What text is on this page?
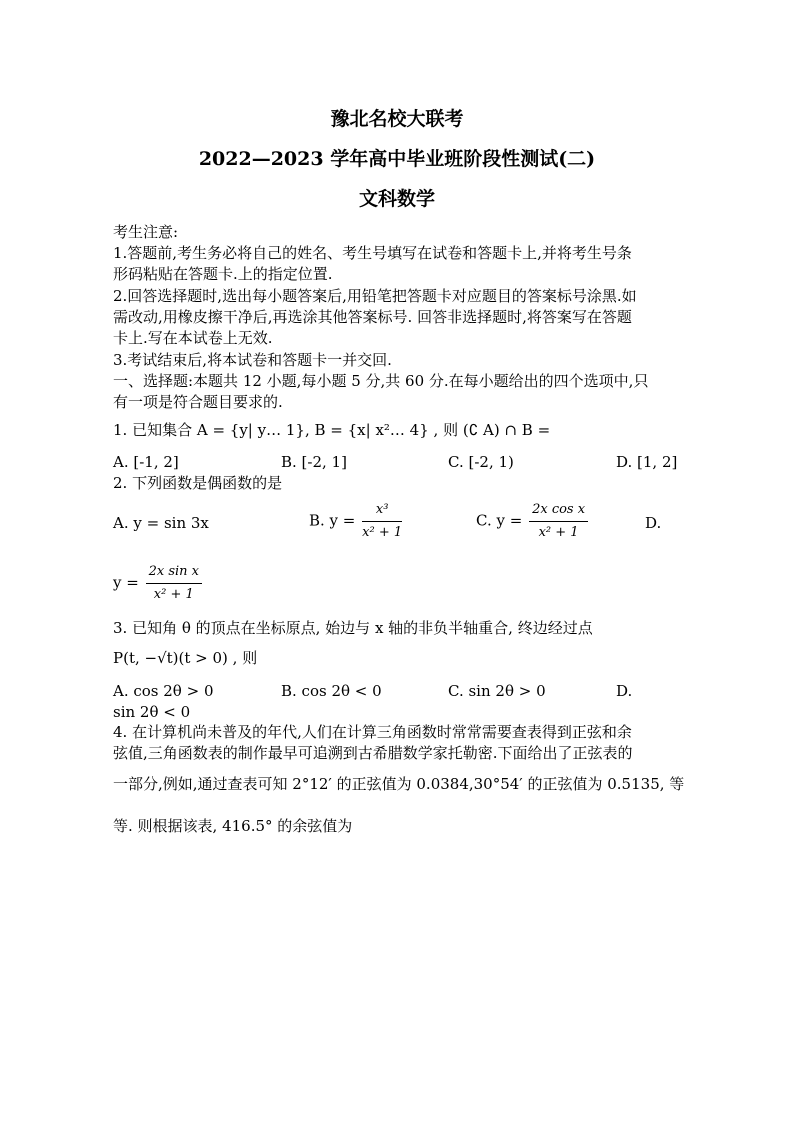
豫北名校大联考
2022—2023 学年高中毕业班阶段性测试(二)
文科数学
考生注意:
1.答题前,考生务必将自己的姓名、考生号填写在试卷和答题卡上,并将考生号条
形码粘贴在答题卡.上的指定位置.
2.回答选择题时,选出每小题答案后,用铅笔把答题卡对应题目的答案标号涂黑.如
需改动,用橡皮擦干净后,再选涂其他答案标号. 回答非选择题时,将答案写在答题
卡上.写在本试卷上无效.
3.考试结束后,将本试卷和答题卡一并交回.
一、选择题:本题共 12 小题,每小题 5 分,共 60 分.在每小题给出的四个选项中,只
有一项是符合题目要求的.
1. 已知集合 A = {y| y… 1}, B = {x| x²… 4} , 则 (∁ A) ∩ B =
A. [-1, 2]	B. [-2, 1]	C. [-2, 1)	D. [1, 2]
2. 下列函数是偶函数的是
A. y = sin 3x	B. $y = \frac{\text{x³}}{\text{x² + 1}}$	C. $y = \frac{\text{2x cos x}}{\text{x² + 1}}$	D.
$y = \frac{\text{2x sin x}}{\text{x² + 1}}$
3. 已知角 θ 的顶点在坐标原点, 始边与 x 轴的非负半轴重合, 终边经过点
P(t, −√t)(t > 0) , 则
A. cos 2θ > 0	B. cos 2θ < 0	C. sin 2θ > 0	D.
sin 2θ < 0
4. 在计算机尚未普及的年代,人们在计算三角函数时常常需要查表得到正弦和余
弦值,三角函数表的制作最早可追溯到古希腊数学家托勒密.下面给出了正弦表的
一部分,例如,通过查表可知 2°12′ 的正弦值为 0.0384,30°54′ 的正弦值为 0.5135, 等
等. 则根据该表, 416.5° 的余弦值为
